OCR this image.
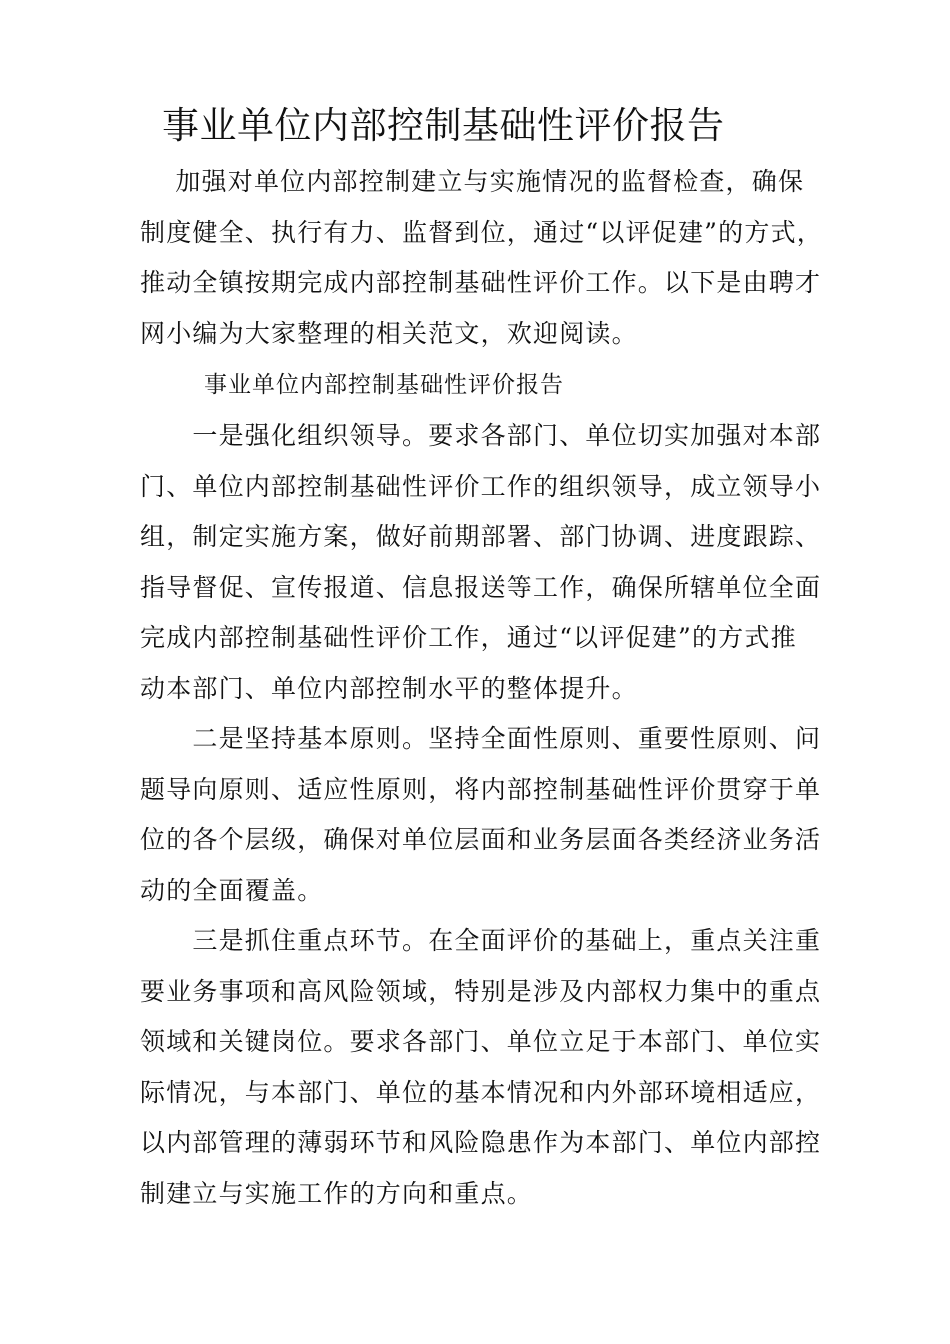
事业单位内部控制基础性评价报告

　 加强对单位内部控制建立与实施情况的监督检查，确保
制度健全、执行有力、监督到位，通过“以评促建”的方式，
推动全镇按期完成内部控制基础性评价工作。以下是由聘才
网小编为大家整理的相关范文，欢迎阅读。

事业单位内部控制基础性评价报告

　　一是强化组织领导。要求各部门、单位切实加强对本部
门、单位内部控制基础性评价工作的组织领导，成立领导小
组，制定实施方案，做好前期部署、部门协调、进度跟踪、
指导督促、宣传报道、信息报送等工作，确保所辖单位全面
完成内部控制基础性评价工作，通过“以评促建”的方式推
动本部门、单位内部控制水平的整体提升。

　　二是坚持基本原则。坚持全面性原则、重要性原则、问
题导向原则、适应性原则，将内部控制基础性评价贯穿于单
位的各个层级，确保对单位层面和业务层面各类经济业务活
动的全面覆盖。

　　三是抓住重点环节。在全面评价的基础上，重点关注重
要业务事项和高风险领域，特别是涉及内部权力集中的重点
领域和关键岗位。要求各部门、单位立足于本部门、单位实
际情况，与本部门、单位的基本情况和内外部环境相适应，
以内部管理的薄弱环节和风险隐患作为本部门、单位内部控
制建立与实施工作的方向和重点。
